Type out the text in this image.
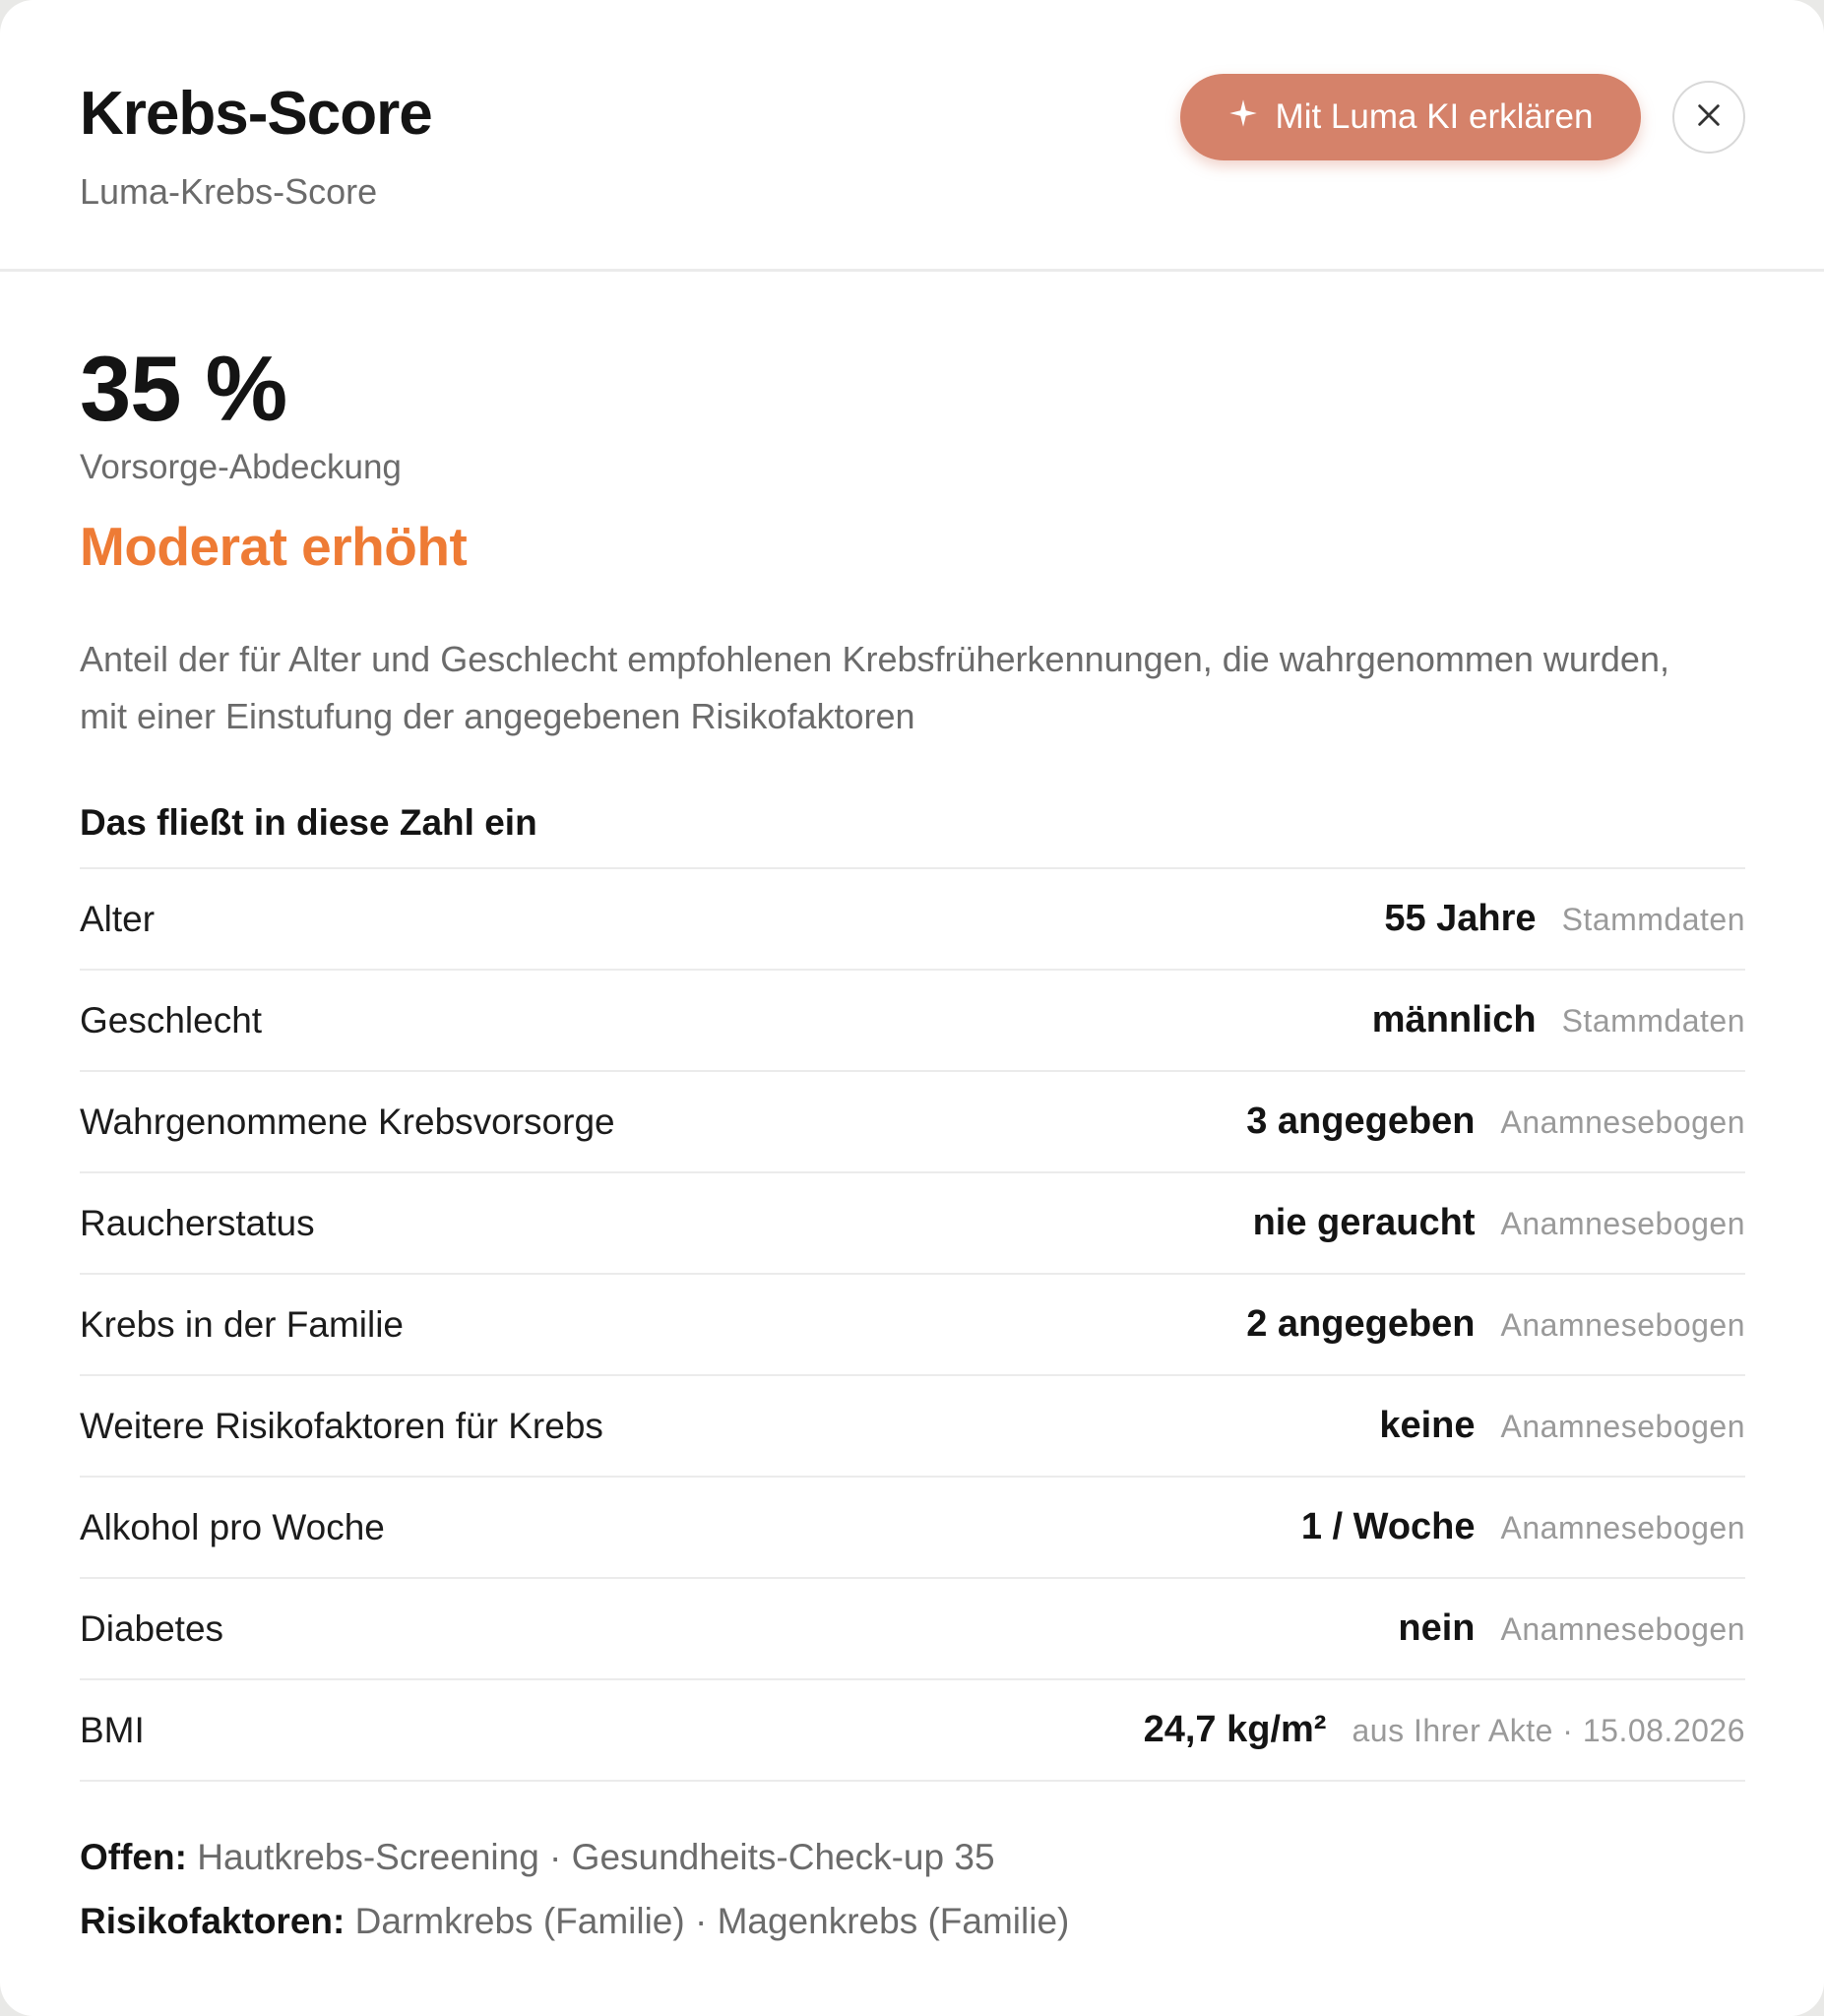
Krebs-Score
Luma-Krebs-Score
Mit Luma KI erklären
35 %
Vorsorge-Abdeckung
Moderat erhöht
Anteil der für Alter und Geschlecht empfohlenen Krebsfrüherkennungen, die wahrgenommen wurden, mit einer Einstufung der angegebenen Risikofaktoren
Das fließt in diese Zahl ein
Alter	55 Jahre Stammdaten
Geschlecht	männlich Stammdaten
Wahrgenommene Krebsvorsorge	3 angegeben Anamnesebogen
Raucherstatus	nie geraucht Anamnesebogen
Krebs in der Familie	2 angegeben Anamnesebogen
Weitere Risikofaktoren für Krebs	keine Anamnesebogen
Alkohol pro Woche	1 / Woche Anamnesebogen
Diabetes	nein Anamnesebogen
BMI	24,7 kg/m² aus Ihrer Akte · 15.08.2026
Offen: Hautkrebs-Screening · Gesundheits-Check-up 35
Risikofaktoren: Darmkrebs (Familie) · Magenkrebs (Familie)
